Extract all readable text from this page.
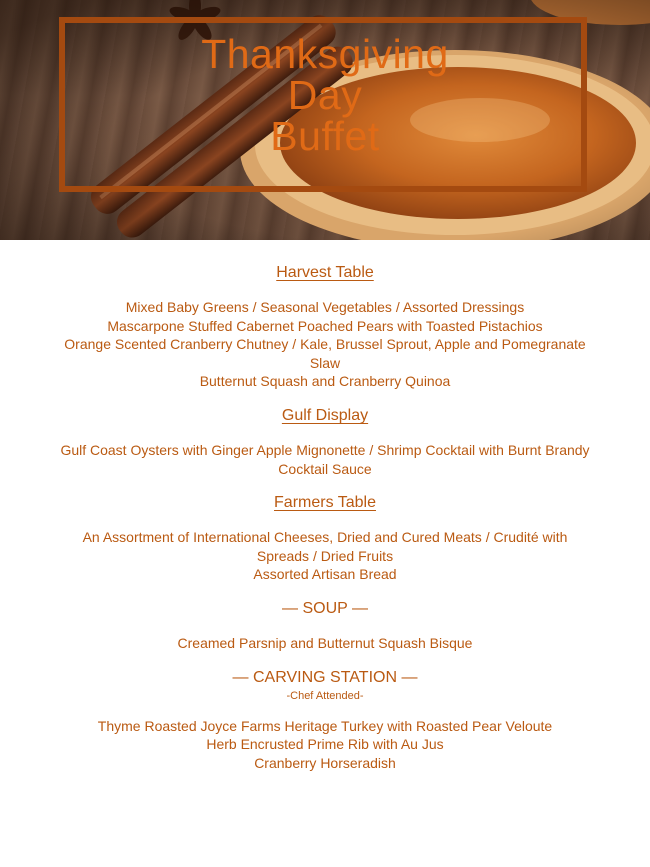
Thanksgiving
Day
Buffet
Harvest Table
Mixed Baby Greens / Seasonal Vegetables / Assorted Dressings
Mascarpone Stuffed Cabernet Poached Pears with Toasted Pistachios
Orange Scented Cranberry Chutney / Kale, Brussel Sprout, Apple and Pomegranate
Slaw
Butternut Squash and Cranberry Quinoa
Gulf Display
Gulf Coast Oysters with Ginger Apple Mignonette / Shrimp Cocktail with Burnt Brandy
Cocktail Sauce
Farmers Table
An Assortment of International Cheeses, Dried and Cured Meats / Crudité with
Spreads / Dried Fruits
Assorted Artisan Bread
— SOUP —
Creamed Parsnip and Butternut Squash Bisque
— CARVING STATION —
-Chef Attended-
Thyme Roasted Joyce Farms Heritage Turkey with Roasted Pear Veloute
Herb Encrusted Prime Rib with Au Jus
Cranberry Horseradish
